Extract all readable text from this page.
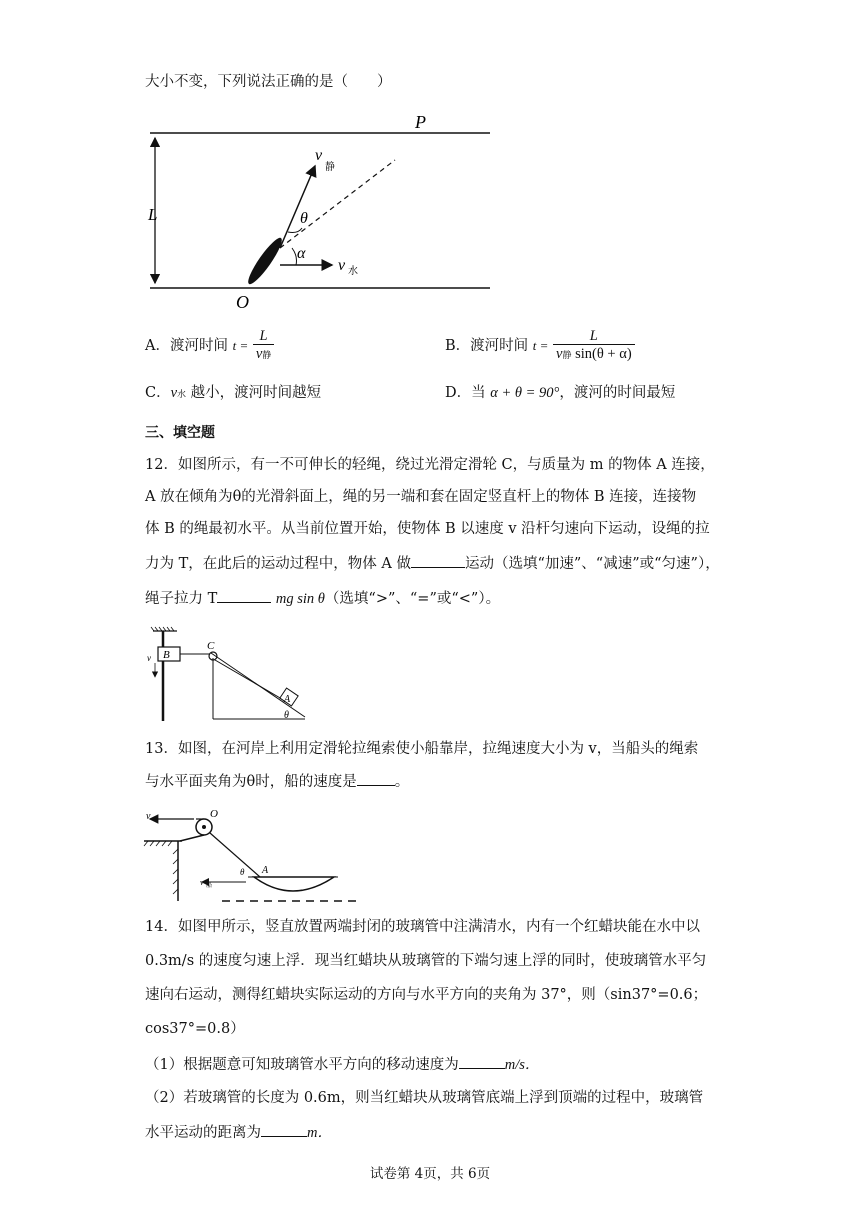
大小不变，下列说法正确的是（　　）
L
P
O
v
静
θ
α
v 水
A．渡河时间 $t = \frac{L}{\text{v静}}$	B．渡河时间 $t = \frac{L}{\text{v静 sin(θ + α)}}$
C．v水 越小，渡河时间越短	D．当 α + θ = 90°，渡河的时间最短
三、填空题
12．如图所示，有一不可伸长的轻绳，绕过光滑定滑轮 C，与质量为 m 的物体 A 连接，
A 放在倾角为θ的光滑斜面上，绳的另一端和套在固定竖直杆上的物体 B 连接，连接物
体 B 的绳最初水平。从当前位置开始，使物体 B 以速度 v 沿杆匀速向下运动，设绳的拉
力为 T，在此后的运动过程中，物体 A 做	运动（选填“加速”、“减速”或“匀速”），
绳子拉力 T	mg sin θ（选填“>”、“=”或“<”）。
B
v
C
A
θ
13．如图，在河岸上利用定滑轮拉绳索使小船靠岸，拉绳速度大小为 v，当船头的绳索
与水平面夹角为θ时，船的速度是	。
v	O
A
θ
v 船
14．如图甲所示，竖直放置两端封闭的玻璃管中注满清水，内有一个红蜡块能在水中以
0.3m/s 的速度匀速上浮．现当红蜡块从玻璃管的下端匀速上浮的同时，使玻璃管水平匀
速向右运动，测得红蜡块实际运动的方向与水平方向的夹角为 37°，则（sin37°=0.6；
cos37°=0.8）
（1）根据题意可知玻璃管水平方向的移动速度为	m/s．
（2）若玻璃管的长度为 0.6m，则当红蜡块从玻璃管底端上浮到顶端的过程中，玻璃管
水平运动的距离为	m．
试卷第 4页，共 6页
